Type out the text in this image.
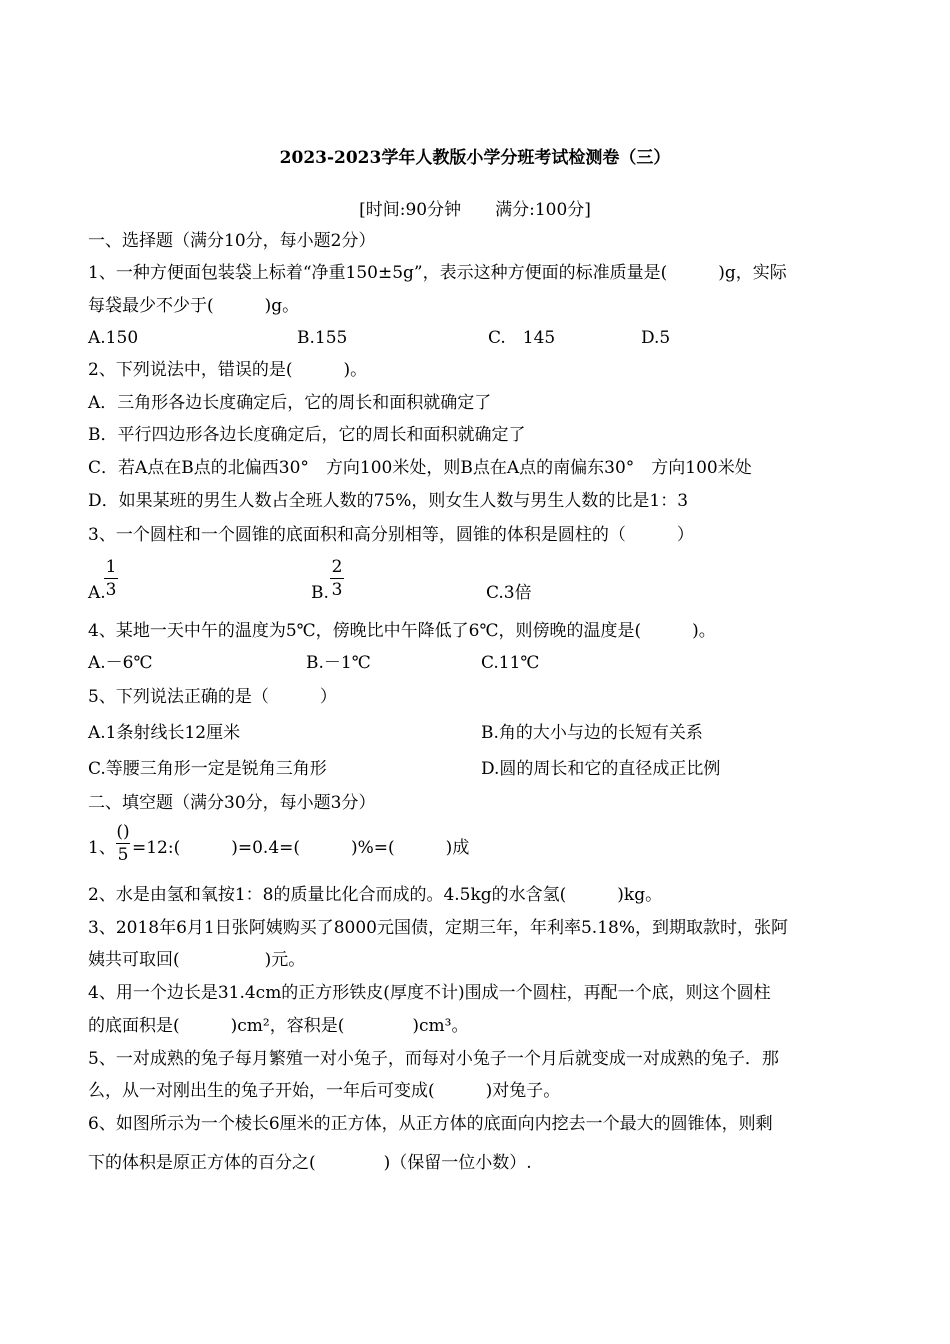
2023-2023学年人教版小学分班考试检测卷（三）
[时间:90分钟　　满分:100分]
一、选择题（满分10分，每小题2分）
1、一种方便面包装袋上标着“净重150±5g”，表示这种方便面的标准质量是(　　　)g，实际
每袋最少不少于(　　　)g。
A.150	B.155	C.　145	D.5
2、下列说法中，错误的是(　　　)。
A．三角形各边长度确定后，它的周长和面积就确定了
B．平行四边形各边长度确定后，它的周长和面积就确定了
C．若A点在B点的北偏西30°　方向100米处，则B点在A点的南偏东30°　方向100米处
D．如果某班的男生人数占全班人数的75%，则女生人数与男生人数的比是1：3
3、一个圆柱和一个圆锥的底面积和高分别相等，圆锥的体积是圆柱的（　　　）
A.
1
3	B.
2
3	C.3倍
4、某地一天中午的温度为5℃，傍晚比中午降低了6℃，则傍晚的温度是(　　　)。
A.－6℃	B.－1℃	C.11℃
5、下列说法正确的是（　　　）
A.1条射线长12厘米	B.角的大小与边的长短有关系
C.等腰三角形一定是锐角三角形	D.圆的周长和它的直径成正比例
二、填空题（满分30分，每小题3分）
1、
()
5 =12:(　　　)=0.4=(　　　)%=(　　　)成
2、水是由氢和氧按1：8的质量比化合而成的。4.5kg的水含氢(　　　)kg。
3、2018年6月1日张阿姨购买了8000元国债，定期三年，年利率5.18%，到期取款时，张阿
姨共可取回(　　　　　)元。
4、用一个边长是31.4cm的正方形铁皮(厚度不计)围成一个圆柱，再配一个底，则这个圆柱
的底面积是(　　　)cm²，容积是(　　　　)cm³。
5、一对成熟的兔子每月繁殖一对小兔子，而每对小兔子一个月后就变成一对成熟的兔子．那
么，从一对刚出生的兔子开始，一年后可变成(　　　)对兔子。
6、如图所示为一个棱长6厘米的正方体，从正方体的底面向内挖去一个最大的圆锥体，则剩
下的体积是原正方体的百分之(　　　　)（保留一位小数）.
